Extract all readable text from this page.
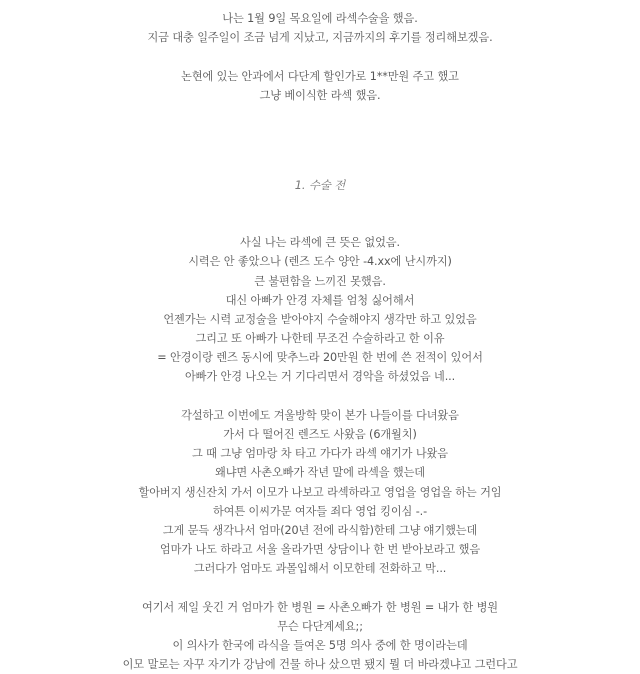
나는 1월 9일 목요일에 라섹수술을 했음.
지금 대충 일주일이 조금 넘게 지났고, 지금까지의 후기를 정리해보겠음.
논현에 있는 안과에서 다단계 할인가로 1**만원 주고 했고
그냥 베이식한 라섹 했음.
1. 수술 전
사실 나는 라섹에 큰 뜻은 없었음.
시력은 안 좋았으나 (렌즈 도수 양안 -4.xx에 난시까지)
큰 불편함을 느끼진 못했음.
대신 아빠가 안경 자체를 엄청 싫어해서
언젠가는 시력 교정술을 받아야지 수술해야지 생각만 하고 있었음
그리고 또 아빠가 나한테 무조건 수술하라고 한 이유
= 안경이랑 렌즈 동시에 맞추느라 20만원 한 번에 쓴 전적이 있어서
아빠가 안경 나오는 거 기다리면서 경악을 하셨었음 네...
각설하고 이번에도 겨울방학 맞이 본가 나들이를 다녀왔음
가서 다 떨어진 렌즈도 사왔음 (6개월치)
그 때 그냥 엄마랑 차 타고 가다가 라섹 얘기가 나왔음
왜냐면 사촌오빠가 작년 말에 라섹을 했는데
할아버지 생신잔치 가서 이모가 나보고 라섹하라고 영업을 영업을 하는 거임
하여튼 이씨가문 여자들 죄다 영업 킹이심 -.-
그게 문득 생각나서 엄마(20년 전에 라식함)한테 그냥 얘기했는데
엄마가 나도 하라고 서울 올라가면 상담이나 한 번 받아보라고 했음
그러다가 엄마도 과몰입해서 이모한테 전화하고 막...
여기서 제일 웃긴 거 엄마가 한 병원 = 사촌오빠가 한 병원 = 내가 한 병원
무슨 다단계세요;;
이 의사가 한국에 라식을 들여온 5명 의사 중에 한 명이라는데
이모 말로는 자꾸 자기가 강남에 건물 하나 샀으면 됐지 뭘 더 바라겠냐고 그런다고
